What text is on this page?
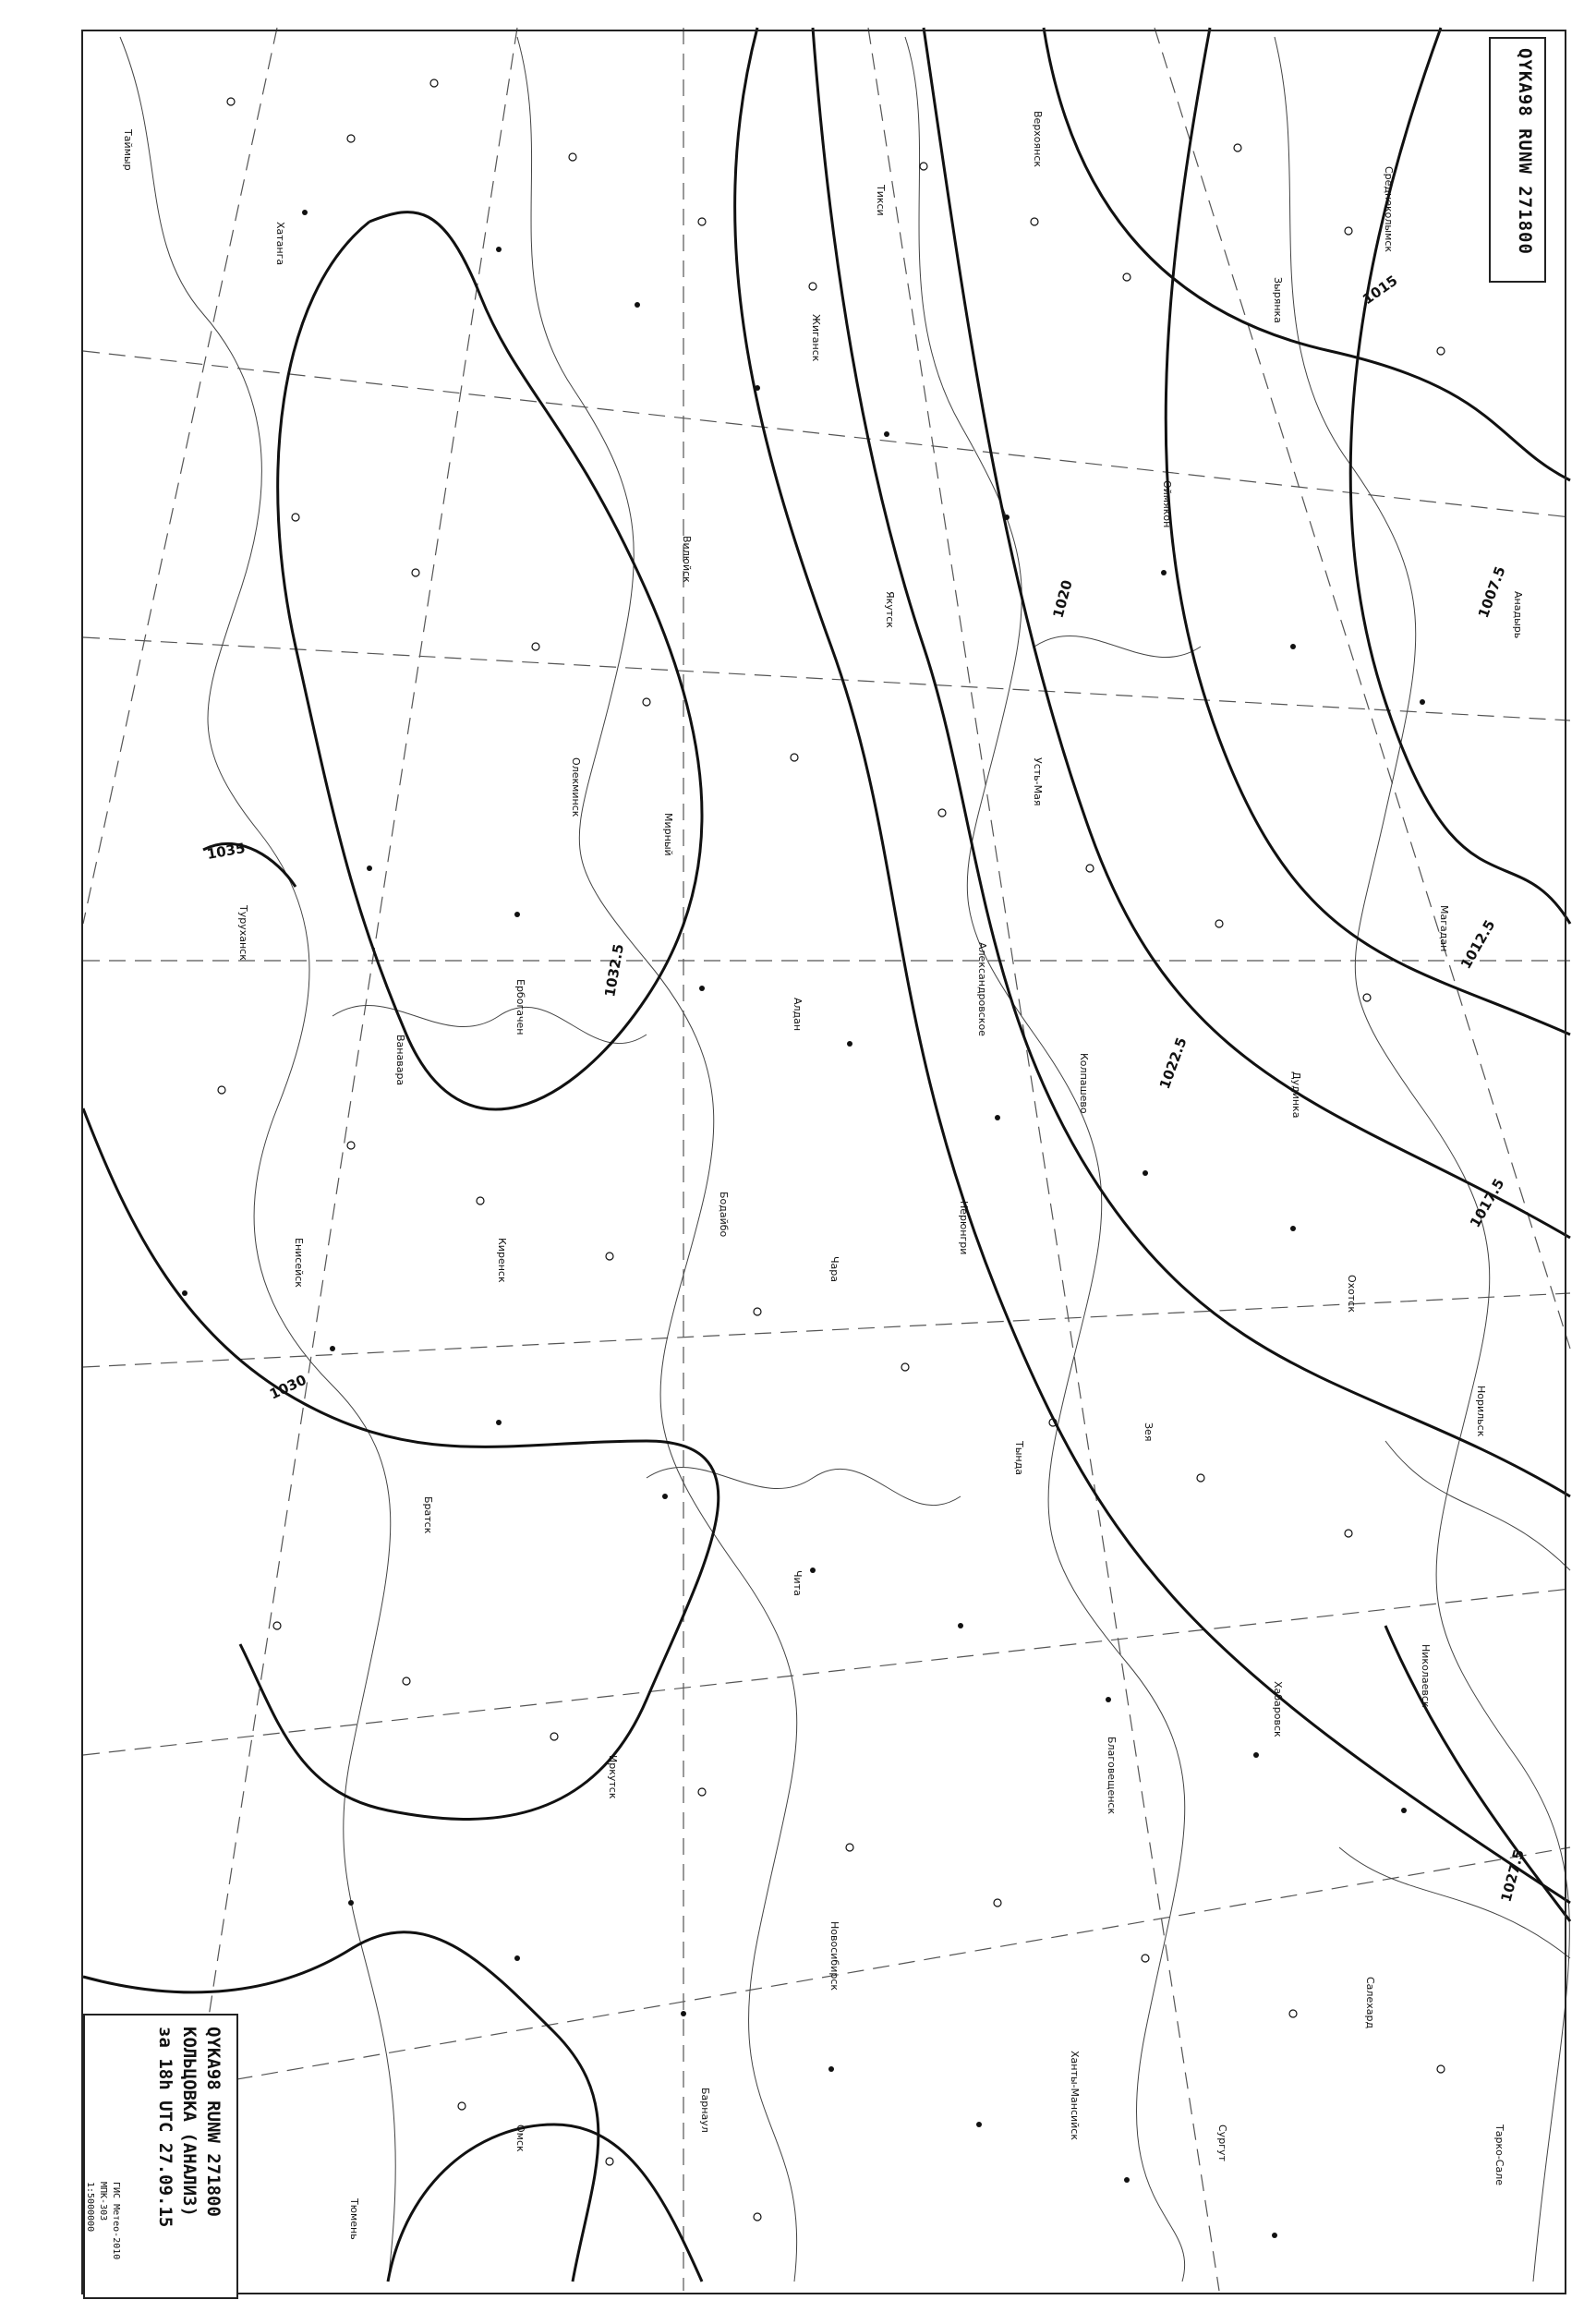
1007.5
1012.5
1015
1017.5
1020
1022.5
1027.5
1030
1032.5
1035
Таймыр
Хатанга
Тикси
Жиганск
Вилюйск
Олекминск
Якутск
Алдан
Усть-Мая
Оймякон
Верхоянск
Зырянка
Среднеколымск
Анадырь
Магадан
Охотск
Николаевск
Мирный
Ербогачен
Киренск
Бодайбо
Чара
Нерюнгри
Благовещенск
Хабаровск
Зея
Тында
Чита
Иркутск
Братск
Енисейск
Туруханск
Ванавара
Александровское
Колпашево
Новосибирск
Барнаул
Омск
Тюмень
Сургут
Ханты-Мансийск
Салехард
Тарко-Сале
Норильск
Дудинка
QYKA98 RUNW 271800
QYKA98 RUNW 271800
КОЛЬЦОВКА (АНАЛИЗ)
за 18h UTC 27.09.15
ГИС Метео-2010
МПК-303
1:5000000
